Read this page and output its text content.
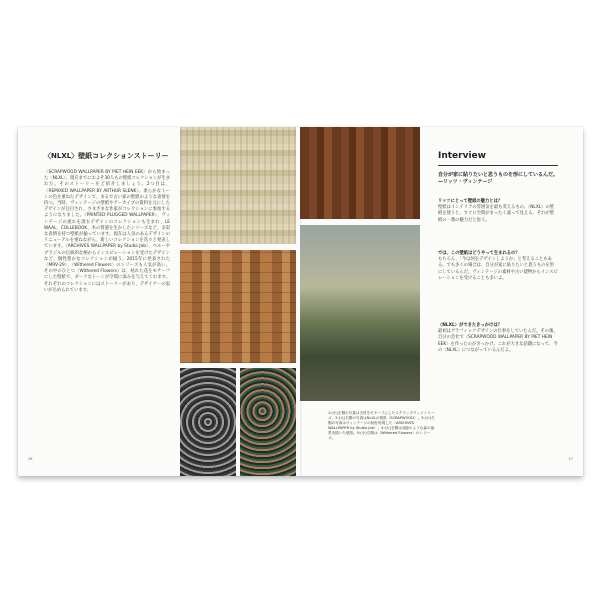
〈NLXL〉壁紙コレクションストーリー

〈SCRAPWOOD WALLPAPER BY PIET HEIN EEK〉から始まった〈NLXL〉。現在までにおよそ30人もの壁紙コレクションが生まれた。そのストーリーをご紹介しましょう。2つ目は、〈REMIXED WALLPAPER BY ARTHUR SLENK〉。柔らかなトーンの色を重ねたデザインで、まるで古い家の壁紙のような表情を持つ。当時、ヴィンテージの壁紙やアーカイブの資料を元にしたデザインが注目され、さまざまな作家がコレクションに参加するようになりました。〈PRINTED PLUGGED WALLPAPER〉、ヴィンテージの流れを汲むデザインのコレクションも生まれ、LE WAAL、COLLEBOOK、木の質感を生かしたシリーズなど、多彩な表情を持つ壁紙が揃っています。現在は人気のあるデザインのリニューアルを重ねながら、新しいコレクションを次々と発表しています。〈ARCHIVES WALLPAPER by Studio Job〉、ペルーやブラジルの伝統的な柄からインスピレーションを受けたデザインなど、個性豊かなコレクションが揃う。2015年に発表された〈MRV-29〉、〈Withered Flowers〉のシリーズも人気が高い。その中のひとつ〈Withered Flowers〉は、枯れた花をモチーフにした壁紙で、ダークなトーンが空間に深みを与えてくれます。それぞれのコレクションにはストーリーがあり、デザイナーの思いが込められています。

1:(小)左側の写真は古材をモチーフにしたスクラップウッドシリーズ。2:(大)右側の写真はNLXLの壁紙〈SCRAPWOOD〉。3:(小)左側の写真はヴィンテージの柄を再現した〈ARCHIVES WALLPAPER by Studio Job〉。4:(大)右側は油絵のような森の風景を描いた壁紙。5:(小)左側は〈Withered Flowers〉のシリーズ。

Interview

自分が家に貼りたいと思うものを形にしているんだ。 —リッツ・ヴィンテージ

リッツにとって壁紙の魅力とは？
壁紙はインテリアの雰囲気を最も変えるもの。〈NLXL〉の壁紙を使うと、すぐに空間がまったく違って見える。それが壁紙の一番の魅力だと思う。
では、この壁紙はどうやって生まれるの？
もちろん、「今は何をデザインしようか」と考えることもある。でも多くの場合は、自分が家に貼りたいと思うものを形にしているんだ。ヴィンテージの素材や古い建物からインスピレーションを受けることも多いよ。
〈NLXL〉ができたきっかけは？
最初はグラフィックデザインの仕事をしていたんだ。その後、自分の会社で〈SCRAPWOOD WALLPAPER BY PIET HEIN EEK〉を作ったのがきっかけ。これが大きな話題になって、今の〈NLXL〉につながっているんだよ。
26	27
